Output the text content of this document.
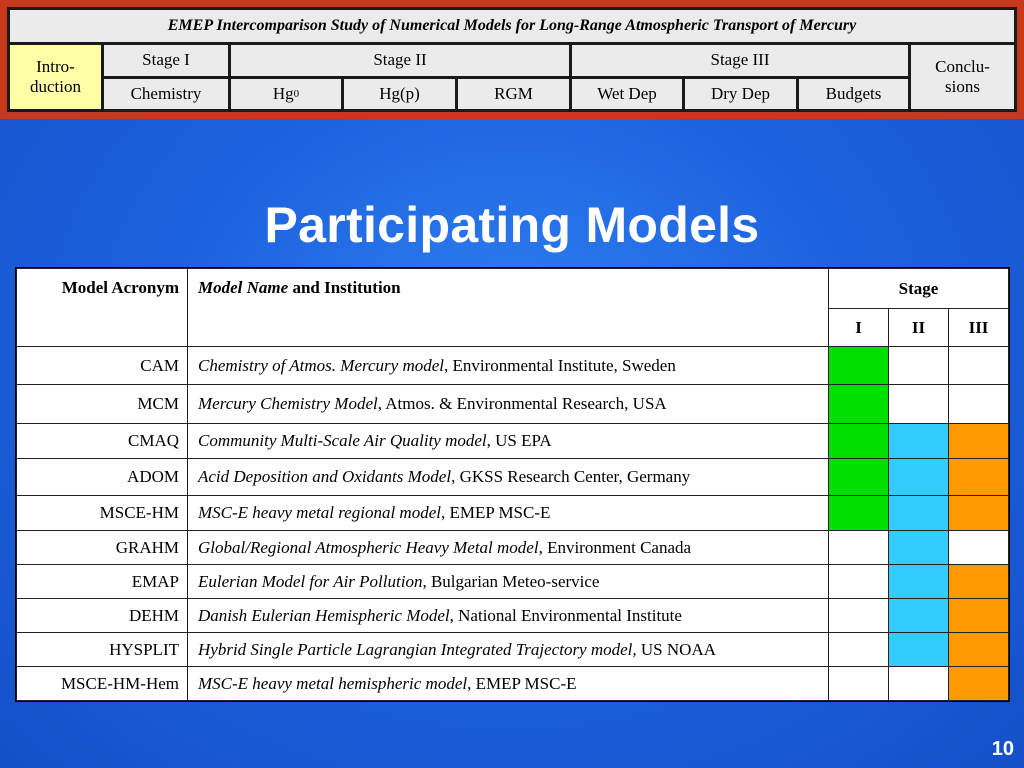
EMEP Intercomparison Study of Numerical Models for Long-Range Atmospheric Transport of Mercury
Intro-
duction
Stage I
Chemistry
Stage II
Hg 0	Hg(p)	RGM
Stage III
Wet Dep	Dry Dep	Budgets
Conclu-
sions
Participating Models
Model Acronym	Model Name and Institution	Stage		
		I	II	III
CAM	Chemistry of Atmos. Mercury model, Environmental Institute, Sweden			
MCM	Mercury Chemistry Model, Atmos. & Environmental Research, USA			
CMAQ	Community Multi-Scale Air Quality model, US EPA			
ADOM	Acid Deposition and Oxidants Model, GKSS Research Center, Germany			
MSCE-HM	MSC-E heavy metal regional model, EMEP MSC-E			
GRAHM	Global/Regional Atmospheric Heavy Metal model, Environment Canada			
EMAP	Eulerian Model for Air Pollution, Bulgarian Meteo-service			
DEHM	Danish Eulerian Hemispheric Model, National Environmental Institute			
HYSPLIT	Hybrid Single Particle Lagrangian Integrated Trajectory model, US NOAA			
MSCE-HM-Hem	MSC-E heavy metal hemispheric model, EMEP MSC-E			
10
